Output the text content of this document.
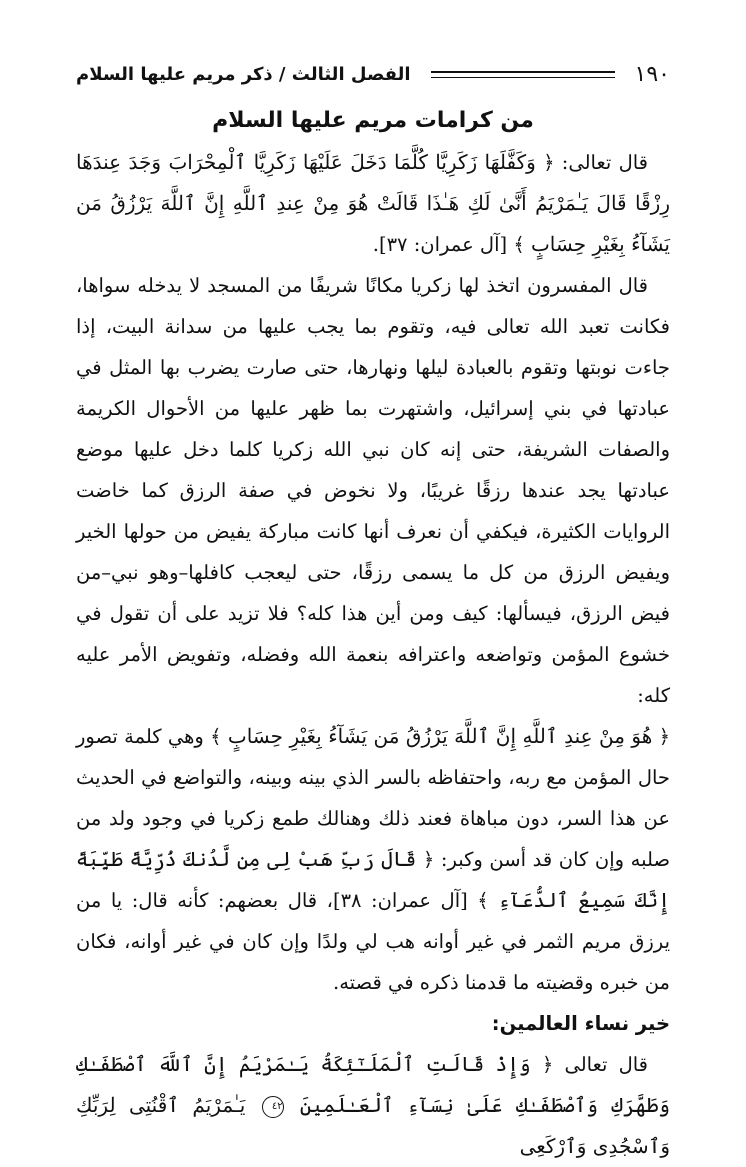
١٩٠
الفصل الثالث / ذكر مريم عليها السلام
من كرامات مريم عليها السلام

قال تعالى: ﴿ وَكَفَّلَهَا زَكَرِيَّا كُلَّمَا دَخَلَ عَلَيْهَا زَكَرِيَّا ٱلْمِحْرَابَ وَجَدَ عِندَهَا رِزْقًا قَالَ يَـٰمَرْيَمُ أَنَّىٰ لَكِ هَـٰذَا قَالَتْ هُوَ مِنْ عِندِ ٱللَّهِ إِنَّ ٱللَّهَ يَرْزُقُ مَن يَشَآءُ بِغَيْرِ حِسَابٍ ﴾ [آل عمران: ٣٧].

قال المفسرون اتخذ لها زكريا مكانًا شريفًا من المسجد لا يدخله سواها، فكانت تعبد الله تعالى فيه، وتقوم بما يجب عليها من سدانة البيت، إذا جاءت نوبتها وتقوم بالعبادة ليلها ونهارها، حتى صارت يضرب بها المثل في عبادتها في بني إسرائيل، واشتهرت بما ظهر عليها من الأحوال الكريمة والصفات الشريفة، حتى إنه كان نبي الله زكريا كلما دخل عليها موضع عبادتها يجد عندها رزقًا غريبًا، ولا نخوض في صفة الرزق كما خاضت الروايات الكثيرة، فيكفي أن نعرف أنها كانت مباركة يفيض من حولها الخير ويفيض الرزق من كل ما يسمى رزقًا، حتى ليعجب كافلها–وهو نبي–من فيض الرزق، فيسألها: كيف ومن أين هذا كله؟ فلا تزيد على أن تقول في خشوع المؤمن وتواضعه واعترافه بنعمة الله وفضله، وتفويض الأمر عليه كله:

﴿ هُوَ مِنْ عِندِ ٱللَّهِ إِنَّ ٱللَّهَ يَرْزُقُ مَن يَشَآءُ بِغَيْرِ حِسَابٍ ﴾ وهي كلمة تصور حال المؤمن مع ربه، واحتفاظه بالسر الذي بينه وبينه، والتواضع في الحديث عن هذا السر، دون مباهاة فعند ذلك وهنالك طمع زكريا في وجود ولد من صلبه وإن كان قد أسن وكبر: ﴿ قَالَ رَبِّ هَبْ لِى مِن لَّدُنكَ ذُرِّيَّةً طَيِّبَةً إِنَّكَ سَمِيعُ ٱلدُّعَآءِ ﴾ [آل عمران: ٣٨]، قال بعضهم: كأنه قال: يا من يرزق مريم الثمر في غير أوانه هب لي ولدًا وإن كان في غير أوانه، فكان من خبره وقضيته ما قدمنا ذكره في قصته.

خير نساء العالمين:

قال تعالى ﴿ وَإِذْ قَالَتِ ٱلْمَلَـٰٓئِكَةُ يَـٰمَرْيَمُ إِنَّ ٱللَّهَ ٱصْطَفَـٰكِ وَطَهَّرَكِ وَٱصْطَفَـٰكِ عَلَىٰ نِسَآءِ ٱلْعَـٰلَمِينَ ٤٢ يَـٰمَرْيَمُ ٱقْنُتِى لِرَبِّكِ وَٱسْجُدِى وَٱرْكَعِى
